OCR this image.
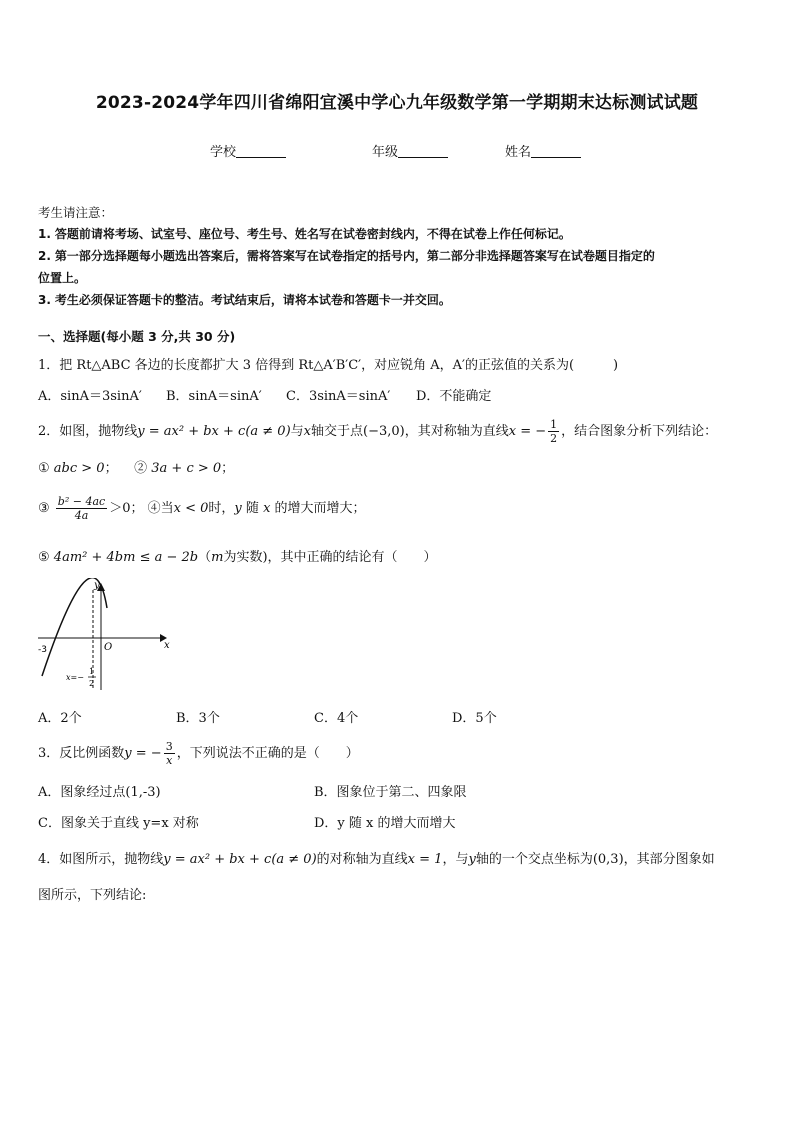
2023-2024学年四川省绵阳宜溪中学心九年级数学第一学期期末达标测试试题
学校	年级	姓名
考生请注意：
1. 答题前请将考场、试室号、座位号、考生号、姓名写在试卷密封线内，不得在试卷上作任何标记。
2. 第一部分选择题每小题选出答案后，需将答案写在试卷指定的括号内，第二部分非选择题答案写在试卷题目指定的
位置上。
3. 考生必须保证答题卡的整洁。考试结束后，请将本试卷和答题卡一并交回。
一、选择题(每小题 3 分,共 30 分)
1．把 Rt△ABC 各边的长度都扩大 3 倍得到 Rt△A′B′C′，对应锐角 A，A′的正弦值的关系为(　　　)
A．sinA＝3sinA′ B．sinA＝sinA′ C．3sinA＝sinA′ D．不能确定
2．如图，抛物线y = ax² + bx + c(a ≠ 0)与x轴交于点(−3,0)，其对称轴为直线x = − $\frac{1}{2}$ ，结合图象分析下列结论：
① abc > 0； ② 3a + c > 0；
③ $\frac{\text{b² − 4ac}}{4a} >0$； ④当x < 0时，y 随 x 的增大而增大；
⑤ 4am² + 4bm ≤ a − 2b（m为实数)，其中正确的结论有（　　）
y
x
O
-3
x=−
1
2
A．2个	B．3个	C．4个	D．5个
3．反比例函数y = − $\frac{3}{x}$ ，下列说法不正确的是（　　）
A．图象经过点(1,-3)	B．图象位于第二、四象限
C．图象关于直线 y=x 对称	D．y 随 x 的增大而增大
4．如图所示，抛物线y = ax² + bx + c(a ≠ 0)的对称轴为直线x = 1，与y轴的一个交点坐标为(0,3)，其部分图象如
图所示，下列结论:
